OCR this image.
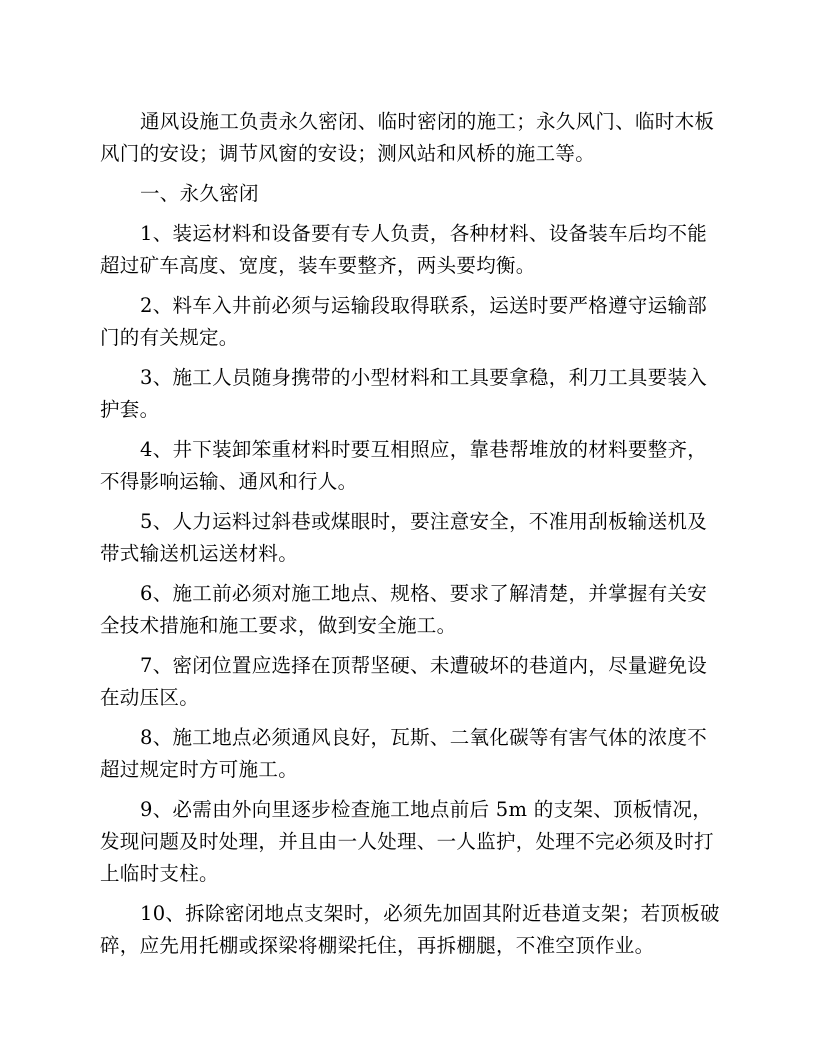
通风设施工负责永久密闭、临时密闭的施工；永久风门、临时木板
风门的安设；调节风窗的安设；测风站和风桥的施工等。
一、永久密闭
1、装运材料和设备要有专人负责，各种材料、设备装车后均不能
超过矿车高度、宽度，装车要整齐，两头要均衡。
2、料车入井前必须与运输段取得联系，运送时要严格遵守运输部
门的有关规定。
3、施工人员随身携带的小型材料和工具要拿稳，利刀工具要装入
护套。
4、井下装卸笨重材料时要互相照应，靠巷帮堆放的材料要整齐，
不得影响运输、通风和行人。
5、人力运料过斜巷或煤眼时，要注意安全，不准用刮板输送机及
带式输送机运送材料。
6、施工前必须对施工地点、规格、要求了解清楚，并掌握有关安
全技术措施和施工要求，做到安全施工。
7、密闭位置应选择在顶帮坚硬、未遭破坏的巷道内，尽量避免设
在动压区。
8、施工地点必须通风良好，瓦斯、二氧化碳等有害气体的浓度不
超过规定时方可施工。
9、必需由外向里逐步检查施工地点前后 5m 的支架、顶板情况，
发现问题及时处理，并且由一人处理、一人监护，处理不完必须及时打
上临时支柱。
10、拆除密闭地点支架时，必须先加固其附近巷道支架；若顶板破
碎，应先用托棚或探梁将棚梁托住，再拆棚腿，不准空顶作业。
